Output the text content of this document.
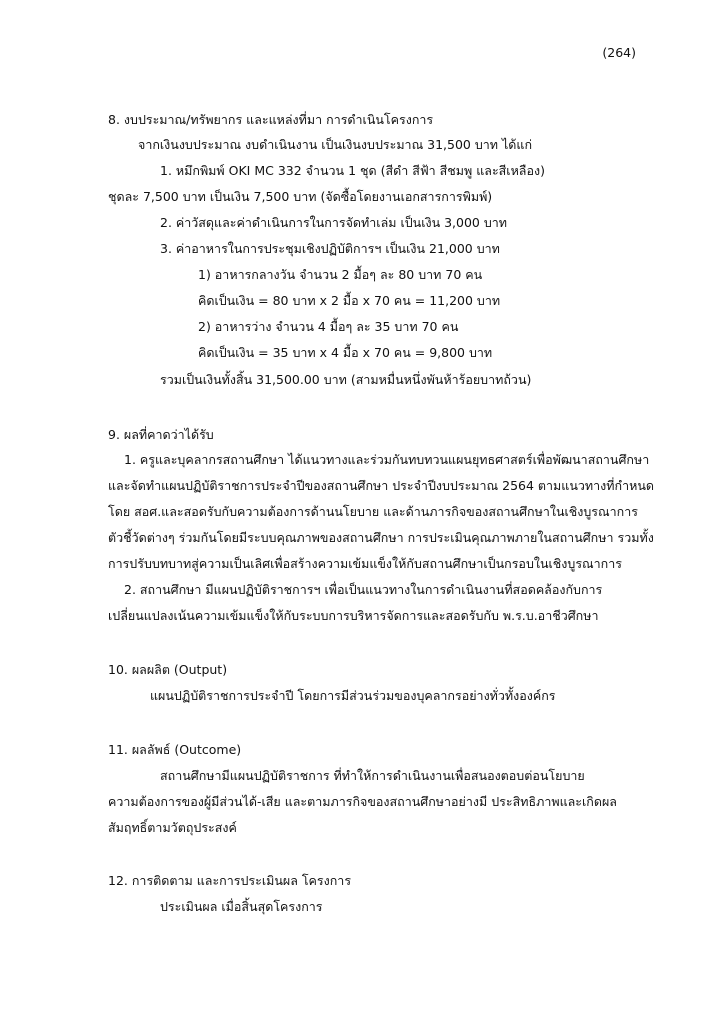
(264)
8. งบประมาณ/ทรัพยากร และแหล่งที่มา การดำเนินโครงการ
จากเงินงบประมาณ งบดำเนินงาน เป็นเงินงบประมาณ 31,500 บาท ได้แก่
1. หมึกพิมพ์ OKI MC 332 จำนวน 1 ชุด (สีดำ สีฟ้า สีชมพู และสีเหลือง)
ชุดละ 7,500 บาท เป็นเงิน 7,500 บาท (จัดซื้อโดยงานเอกสารการพิมพ์)
2. ค่าวัสดุและค่าดำเนินการในการจัดทำเล่ม เป็นเงิน 3,000 บาท
3. ค่าอาหารในการประชุมเชิงปฏิบัติการฯ เป็นเงิน 21,000 บาท
1) อาหารกลางวัน จำนวน 2 มื้อๆ ละ 80 บาท 70 คน
คิดเป็นเงิน = 80 บาท x 2 มื้อ x 70 คน = 11,200 บาท
2) อาหารว่าง จำนวน 4 มื้อๆ ละ 35 บาท 70 คน
คิดเป็นเงิน = 35 บาท x 4 มื้อ x 70 คน = 9,800 บาท
รวมเป็นเงินทั้งสิ้น 31,500.00 บาท (สามหมื่นหนึ่งพันห้าร้อยบาทถ้วน)
9. ผลที่คาดว่าได้รับ
1. ครูและบุคลากรสถานศึกษา ได้แนวทางและร่วมกันทบทวนแผนยุทธศาสตร์เพื่อพัฒนาสถานศึกษา
และจัดทำแผนปฏิบัติราชการประจำปีของสถานศึกษา ประจำปีงบประมาณ 2564 ตามแนวทางที่กำหนด
โดย สอศ.และสอดรับกับความต้องการด้านนโยบาย และด้านภารกิจของสถานศึกษาในเชิงบูรณาการ
ตัวชี้วัดต่างๆ ร่วมกันโดยมีระบบคุณภาพของสถานศึกษา การประเมินคุณภาพภายในสถานศึกษา รวมทั้ง
การปรับบทบาทสู่ความเป็นเลิศเพื่อสร้างความเข้มแข็งให้กับสถานศึกษาเป็นกรอบในเชิงบูรณาการ
2. สถานศึกษา มีแผนปฏิบัติราชการฯ เพื่อเป็นแนวทางในการดำเนินงานที่สอดคล้องกับการ
เปลี่ยนแปลงเน้นความเข้มแข็งให้กับระบบการบริหารจัดการและสอดรับกับ พ.ร.บ.อาชีวศึกษา
10. ผลผลิต (Output)
แผนปฏิบัติราชการประจำปี โดยการมีส่วนร่วมของบุคลากรอย่างทั่วทั้งองค์กร
11. ผลลัพธ์ (Outcome)
สถานศึกษามีแผนปฏิบัติราชการ ที่ทำให้การดำเนินงานเพื่อสนองตอบต่อนโยบาย
ความต้องการของผู้มีส่วนได้-เสีย และตามภารกิจของสถานศึกษาอย่างมี ประสิทธิภาพและเกิดผล
สัมฤทธิ์ตามวัตถุประสงค์
12. การติดตาม และการประเมินผล โครงการ
ประเมินผล เมื่อสิ้นสุดโครงการ
